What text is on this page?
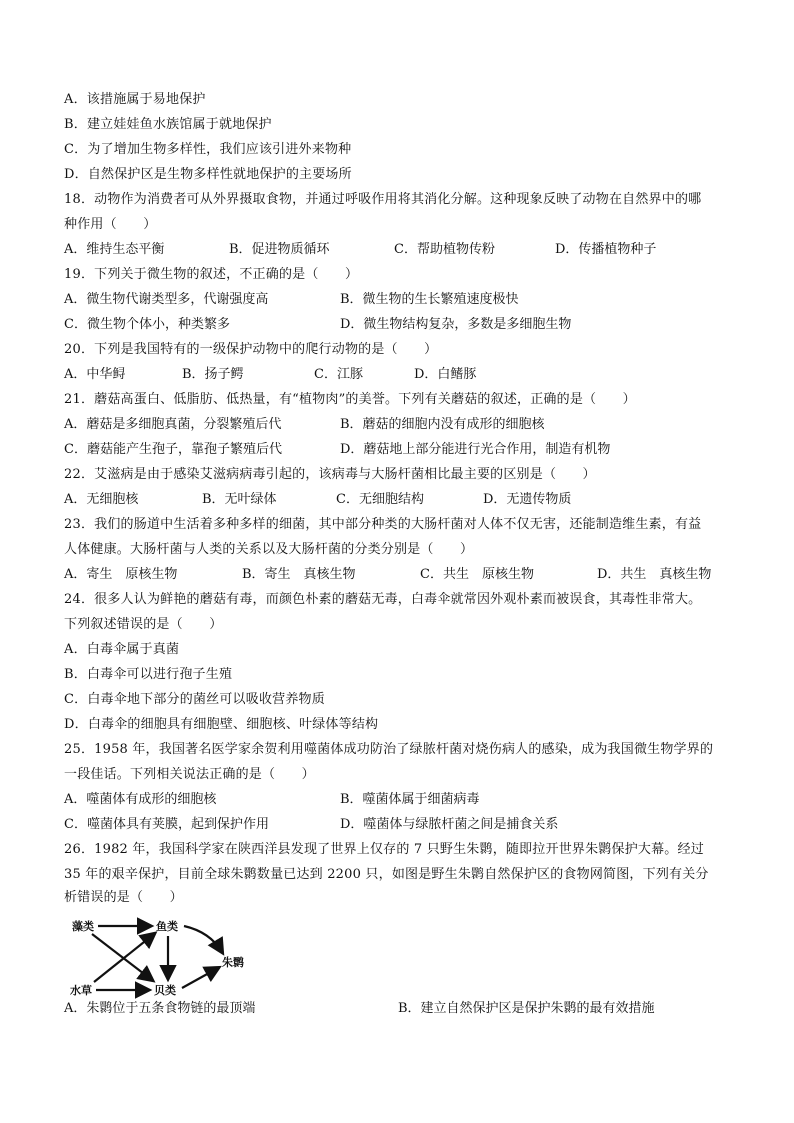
A．该措施属于易地保护
B．建立娃娃鱼水族馆属于就地保护
C．为了增加生物多样性，我们应该引进外来物种
D．自然保护区是生物多样性就地保护的主要场所
18．动物作为消费者可从外界摄取食物，并通过呼吸作用将其消化分解。这种现象反映了动物在自然界中的哪
种作用（　　）
A．维持生态平衡	B．促进物质循环	C．帮助植物传粉	D．传播植物种子
19．下列关于微生物的叙述，不正确的是（　　）
A．微生物代谢类型多，代谢强度高	B．微生物的生长繁殖速度极快
C．微生物个体小，种类繁多	D．微生物结构复杂，多数是多细胞生物
20．下列是我国特有的一级保护动物中的爬行动物的是（　　）
A．中华鲟	B．扬子鳄	C．江豚	D．白鳍豚
21．蘑菇高蛋白、低脂肪、低热量，有“植物肉”的美誉。下列有关蘑菇的叙述，正确的是（　　）
A．蘑菇是多细胞真菌，分裂繁殖后代	B．蘑菇的细胞内没有成形的细胞核
C．蘑菇能产生孢子，靠孢子繁殖后代	D．蘑菇地上部分能进行光合作用，制造有机物
22．艾滋病是由于感染艾滋病病毒引起的，该病毒与大肠杆菌相比最主要的区别是（　　）
A．无细胞核	B．无叶绿体	C．无细胞结构	D．无遗传物质
23．我们的肠道中生活着多种多样的细菌，其中部分种类的大肠杆菌对人体不仅无害，还能制造维生素，有益
人体健康。大肠杆菌与人类的关系以及大肠杆菌的分类分别是（　　）
A．寄生　原核生物	B．寄生　真核生物	C．共生　原核生物	D．共生　真核生物
24．很多人认为鲜艳的蘑菇有毒，而颜色朴素的蘑菇无毒，白毒伞就常因外观朴素而被误食，其毒性非常大。
下列叙述错误的是（　　）
A．白毒伞属于真菌
B．白毒伞可以进行孢子生殖
C．白毒伞地下部分的菌丝可以吸收营养物质
D．白毒伞的细胞具有细胞壁、细胞核、叶绿体等结构
25．1958 年，我国著名医学家余贺利用噬菌体成功防治了绿脓杆菌对烧伤病人的感染，成为我国微生物学界的
一段佳话。下列相关说法正确的是（　　）
A．噬菌体有成形的细胞核	B．噬菌体属于细菌病毒
C．噬菌体具有荚膜，起到保护作用	D．噬菌体与绿脓杆菌之间是捕食关系
26．1982 年，我国科学家在陕西洋县发现了世界上仅存的 7 只野生朱鹮，随即拉开世界朱鹮保护大幕。经过
35 年的艰辛保护，目前全球朱鹮数量已达到 2200 只，如图是野生朱鹮自然保护区的食物网简图，下列有关分
析错误的是（　　）
藻类	鱼类
水草	贝类
朱鹮
A．朱鹮位于五条食物链的最顶端	B．建立自然保护区是保护朱鹮的最有效措施
